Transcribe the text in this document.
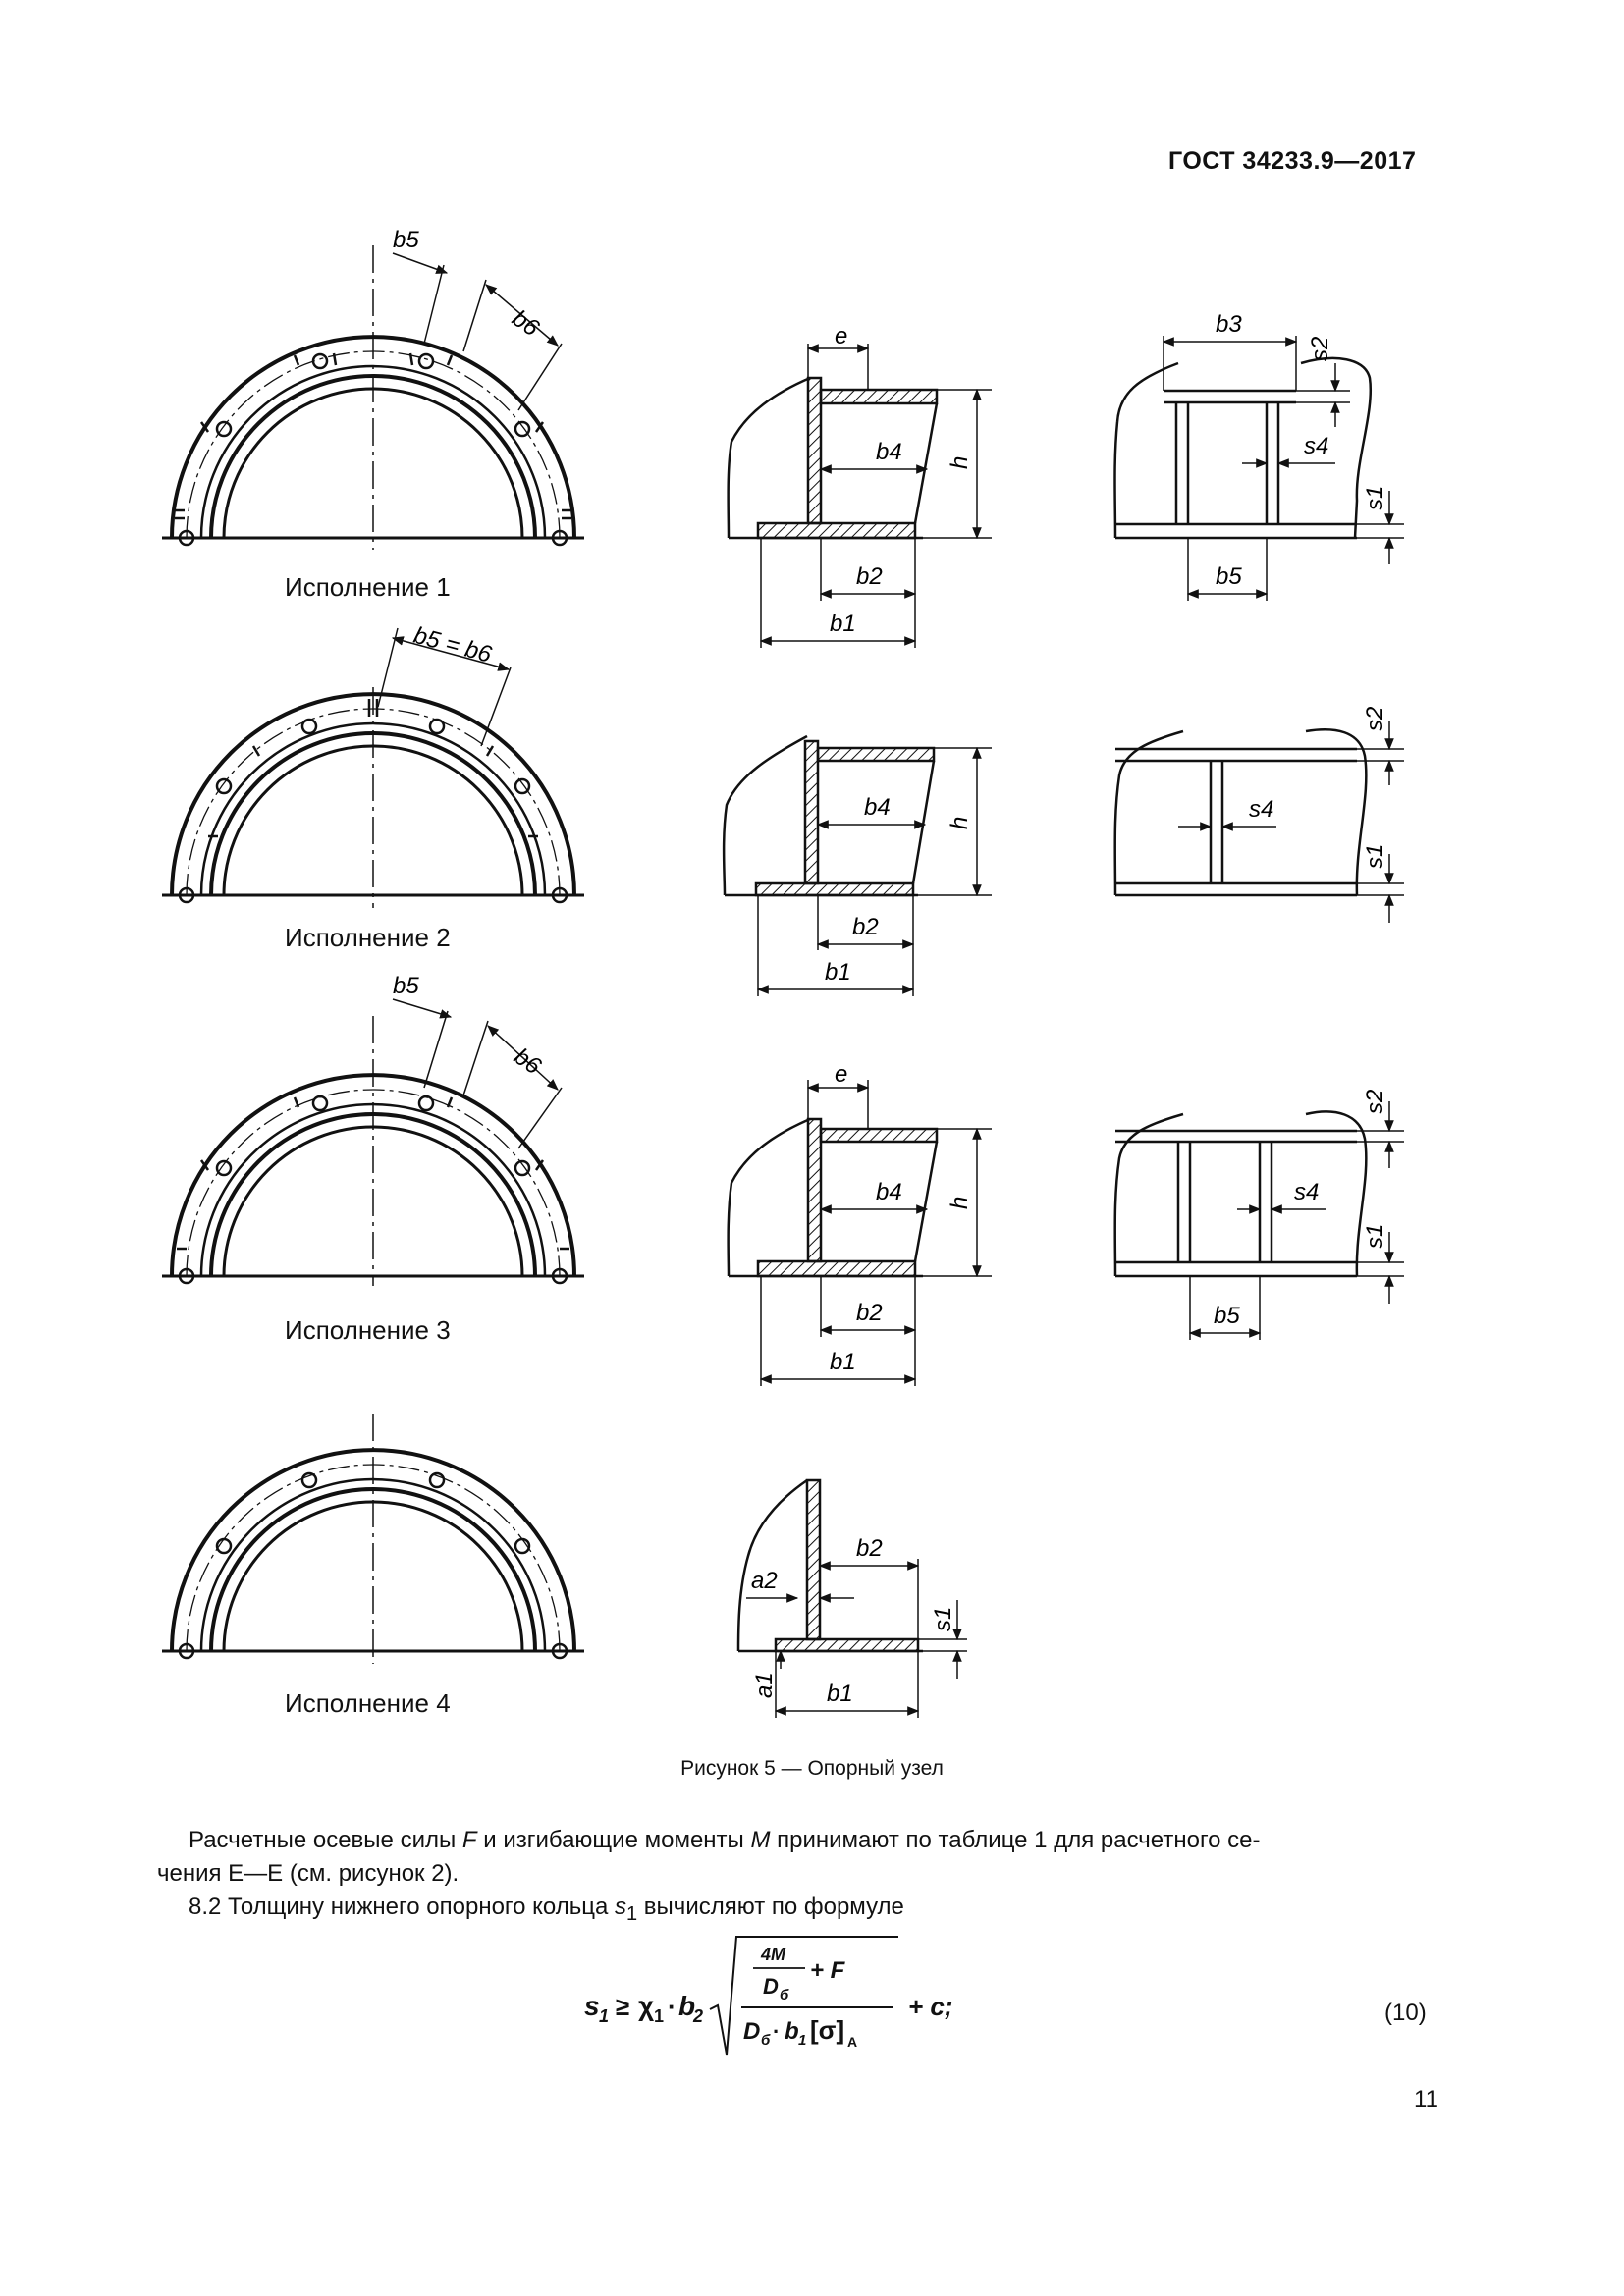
ГОСТ 34233.9—2017
b5
b6
b5 = b6
b5
b6
e
b4 h
b2
b1
b4
h
b2
b1
e
b4 h
b2
b1
b2
a2
s1
a1 b1
b3
s2
s4
s1
b5
s2
s4
s1
s2
s4
s1
b5
Исполнение 1
Исполнение 2
Исполнение 3
Исполнение 4
Рисунок 5 — Опорный узел
Расчетные осевые силы F и изгибающие моменты M принимают по таблице 1 для расчетного се-
чения Е—Е (см. рисунок 2).
8.2 Толщину нижнего опорного кольца $s_1$ вычисляют по формуле
s 1 ≥ χ 1 · b
2
4M
+ F
D б
D б · b 1 [σ] A
+ c;	(10)
11
